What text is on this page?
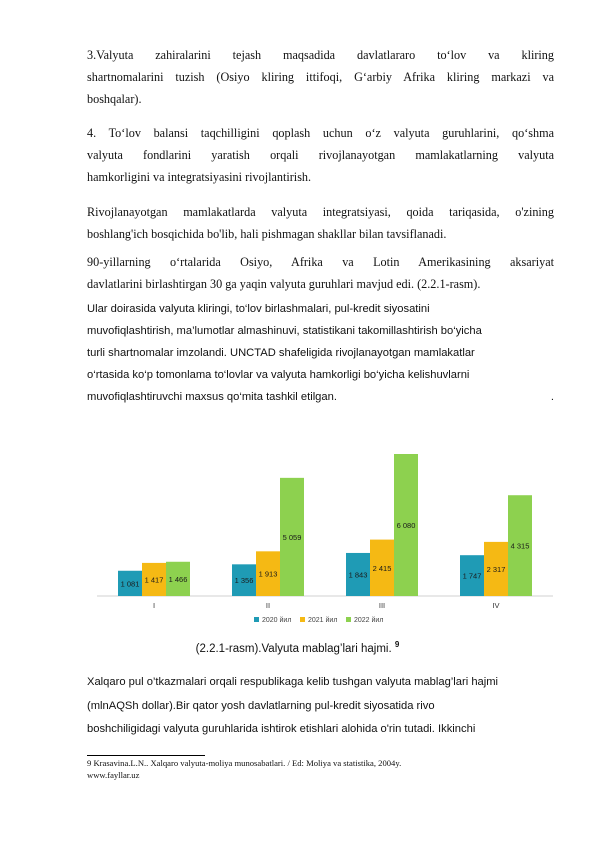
3.Valyuta zahiralarini tejash maqsadida davlatlararo to‘lov va kliring

shartnomalarini tuzish (Osiyo kliring ittifoqi, G‘arbiy Afrika kliring markazi va

boshqalar).

4. To‘lov balansi taqchilligini qoplash uchun o‘z valyuta guruhlarini, qo‘shma

valyuta fondlarini yaratish orqali rivojlanayotgan mamlakatlarning valyuta

hamkorligini va integratsiyasini rivojlantirish.

Rivojlanayotgan mamlakatlarda valyuta integratsiyasi, qoida tariqasida, o'zining

boshlang'ich bosqichida bo'lib, hali pishmagan shakllar bilan tavsiflanadi.

90-yillarning o‘rtalarida Osiyo, Afrika va Lotin Amerikasining aksariyat

davlatlarini birlashtirgan 30 ga yaqin valyuta guruhlari mavjud edi. (2.2.1-rasm).

Ular doirasida valyuta kliringi, to‘lov birlashmalari, pul-kredit siyosatini

muvofiqlashtirish, ma’lumotlar almashinuvi, statistikani takomillashtirish bo‘yicha

turli shartnomalar imzolandi. UNCTAD shafeligida rivojlanayotgan mamlakatlar

o‘rtasida ko‘p tomonlama to‘lovlar va valyuta hamkorligi bo‘yicha kelishuvlarni

muvofiqlashtiruvchi maxsus qo‘mita tashkil etilgan.	.

1 081 1 417 1 466
I
1 356
1 913
5 059
II
1 843
2 415
6 080
III
1 747
2 317
4 315
IV
2020 йил 2021 йил 2022 йил
(2.2.1-rasm).Valyuta mablag’lari hajmi. $^9$

Xalqaro pul o’tkazmalari orqali respublikaga kelib tushgan valyuta mablag’lari hajmi

(mlnAQSh dollar).Bir qator yosh davlatlarning pul-kredit siyosatida rivo

boshchiligidagi valyuta guruhlarida ishtirok etishlari alohida o'rin tutadi. Ikkinchi

9 Krasavina.L.N.. Xalqaro valyuta-moliya munosabatlari. / Ed: Moliya va statistika, 2004y.
www.fayllar.uz
